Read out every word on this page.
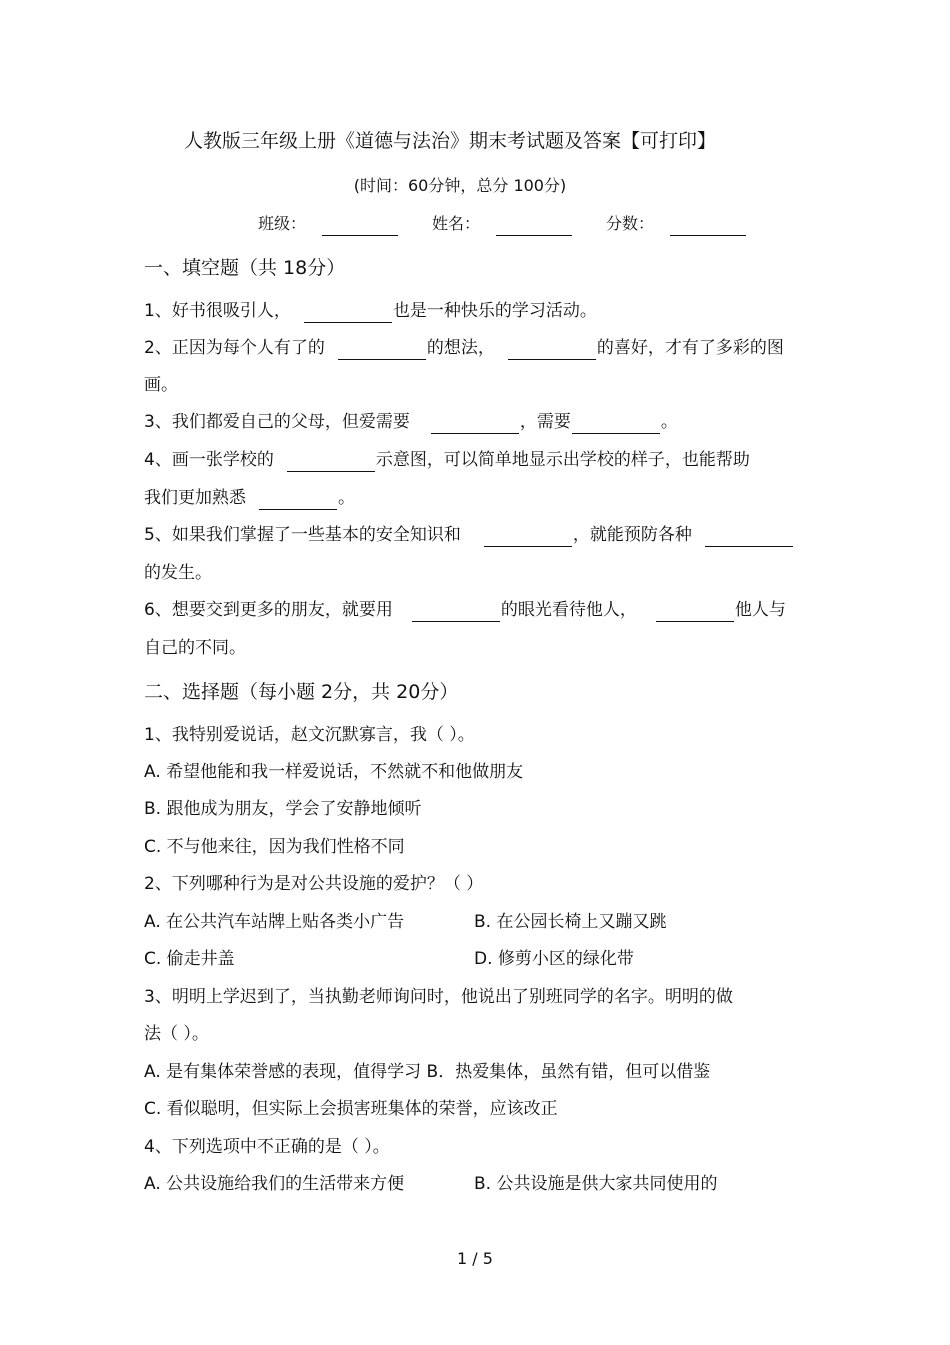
人教版三年级上册《道德与法治》期末考试题及答案【可打印】
(时间：60分钟，总分 100分)
班级：	姓名：	分数：
一、填空题（共 18分）
1、好书很吸引人，	也是一种快乐的学习活动。
2、正因为每个人有了的	的想法，	的喜好，才有了多彩的图
画。
3、我们都爱自己的父母，但爱需要	，需要	。
4、画一张学校的	示意图，可以简单地显示出学校的样子，也能帮助
我们更加熟悉	。
5、如果我们掌握了一些基本的安全知识和	，就能预防各种
的发生。
6、想要交到更多的朋友，就要用	的眼光看待他人，	他人与
自己的不同。
二、选择题（每小题 2分，共 20分）
1、我特别爱说话，赵文沉默寡言，我（ ）。
A. 希望他能和我一样爱说话，不然就不和他做朋友
B. 跟他成为朋友，学会了安静地倾听
C. 不与他来往，因为我们性格不同
2、下列哪种行为是对公共设施的爱护？（ ）
A. 在公共汽车站牌上贴各类小广告	B. 在公园长椅上又蹦又跳
C. 偷走井盖	D. 修剪小区的绿化带
3、明明上学迟到了，当执勤老师询问时，他说出了别班同学的名字。明明的做
法（ ）。
A. 是有集体荣誉感的表现，值得学习 B．热爱集体，虽然有错，但可以借鉴
C. 看似聪明，但实际上会损害班集体的荣誉，应该改正
4、下列选项中不正确的是（ ）。
A. 公共设施给我们的生活带来方便	B. 公共设施是供大家共同使用的
1 / 5
